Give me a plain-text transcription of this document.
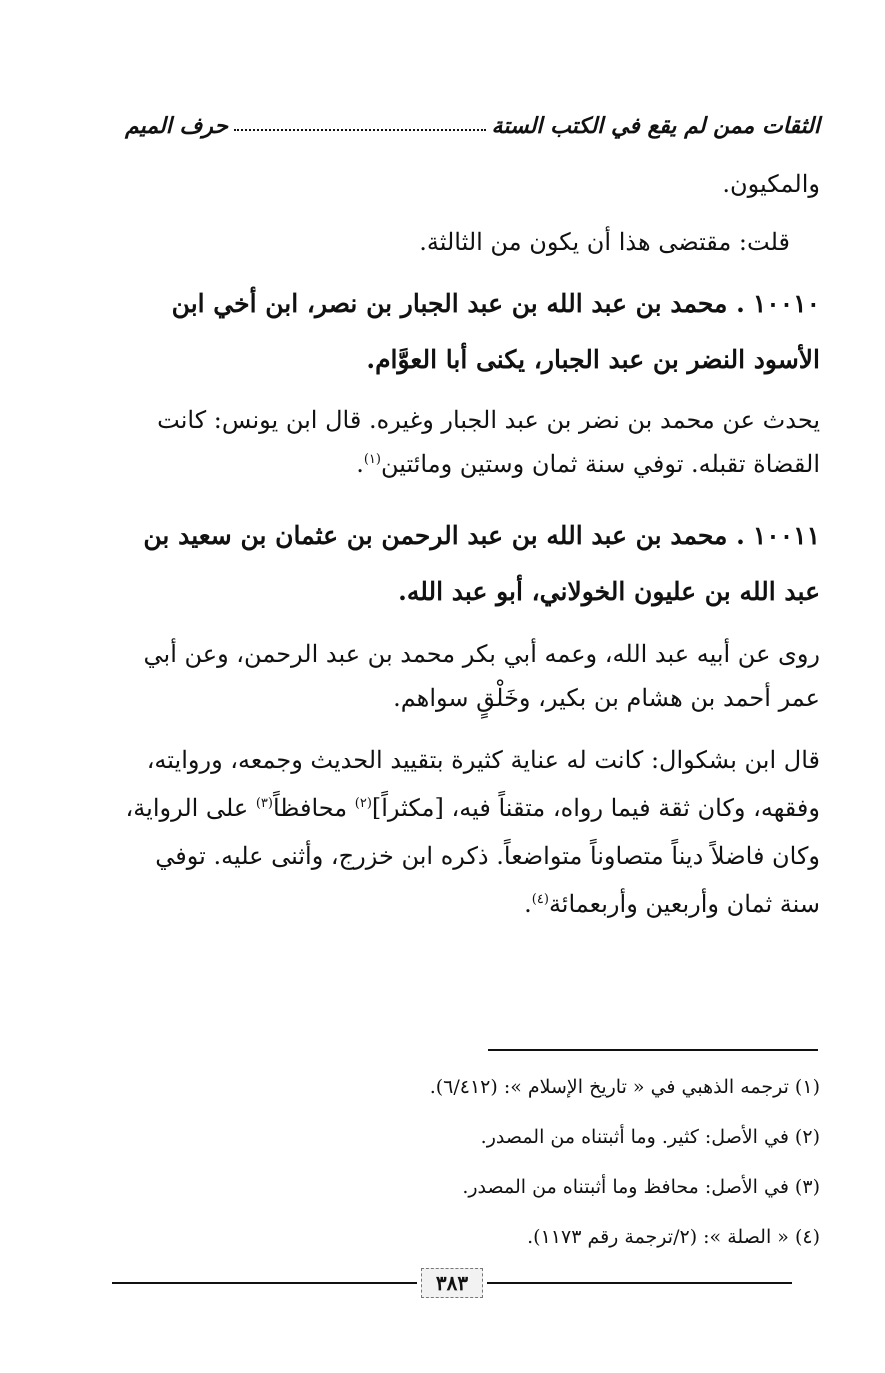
حرف الميم	الثقات ممن لم يقع في الكتب الستة

والمكيون.

قلت: مقتضى هذا أن يكون من الثالثة.

١٠٠١٠. محمد بن عبد الله بن عبد الجبار بن نصر، ابن أخي ابن الأسود النضر بن عبد الجبار، يكنى أبا العوَّام.

يحدث عن محمد بن نضر بن عبد الجبار وغيره. قال ابن يونس: كانت القضاة تقبله. توفي سنة ثمان وستين ومائتين$^{(١)}$.

١٠٠١١. محمد بن عبد الله بن عبد الرحمن بن عثمان بن سعيد بن عبد الله بن عليون الخولاني، أبو عبد الله.

روى عن أبيه عبد الله، وعمه أبي بكر محمد بن عبد الرحمن، وعن أبي عمر أحمد بن هشام بن بكير، وخَلْقٍ سواهم.

قال ابن بشكوال: كانت له عناية كثيرة بتقييد الحديث وجمعه، وروايته، وفقهه، وكان ثقة فيما رواه، متقناً فيه، [مكثراً]$^{(٢)}$ محافظاً$^{(٣)}$ على الرواية، وكان فاضلاً ديناً متصاوناً متواضعاً. ذكره ابن خزرج، وأثنى عليه. توفي سنة ثمان وأربعين وأربعمائة$^{(٤)}$.

(١) ترجمه الذهبي في « تاريخ الإسلام »: (٦/٤١٢).

(٢) في الأصل: كثير. وما أثبتناه من المصدر.

(٣) في الأصل: محافظ وما أثبتناه من المصدر.

(٤) « الصلة »: (٢/ترجمة رقم ١١٧٣).

٣٨٣
